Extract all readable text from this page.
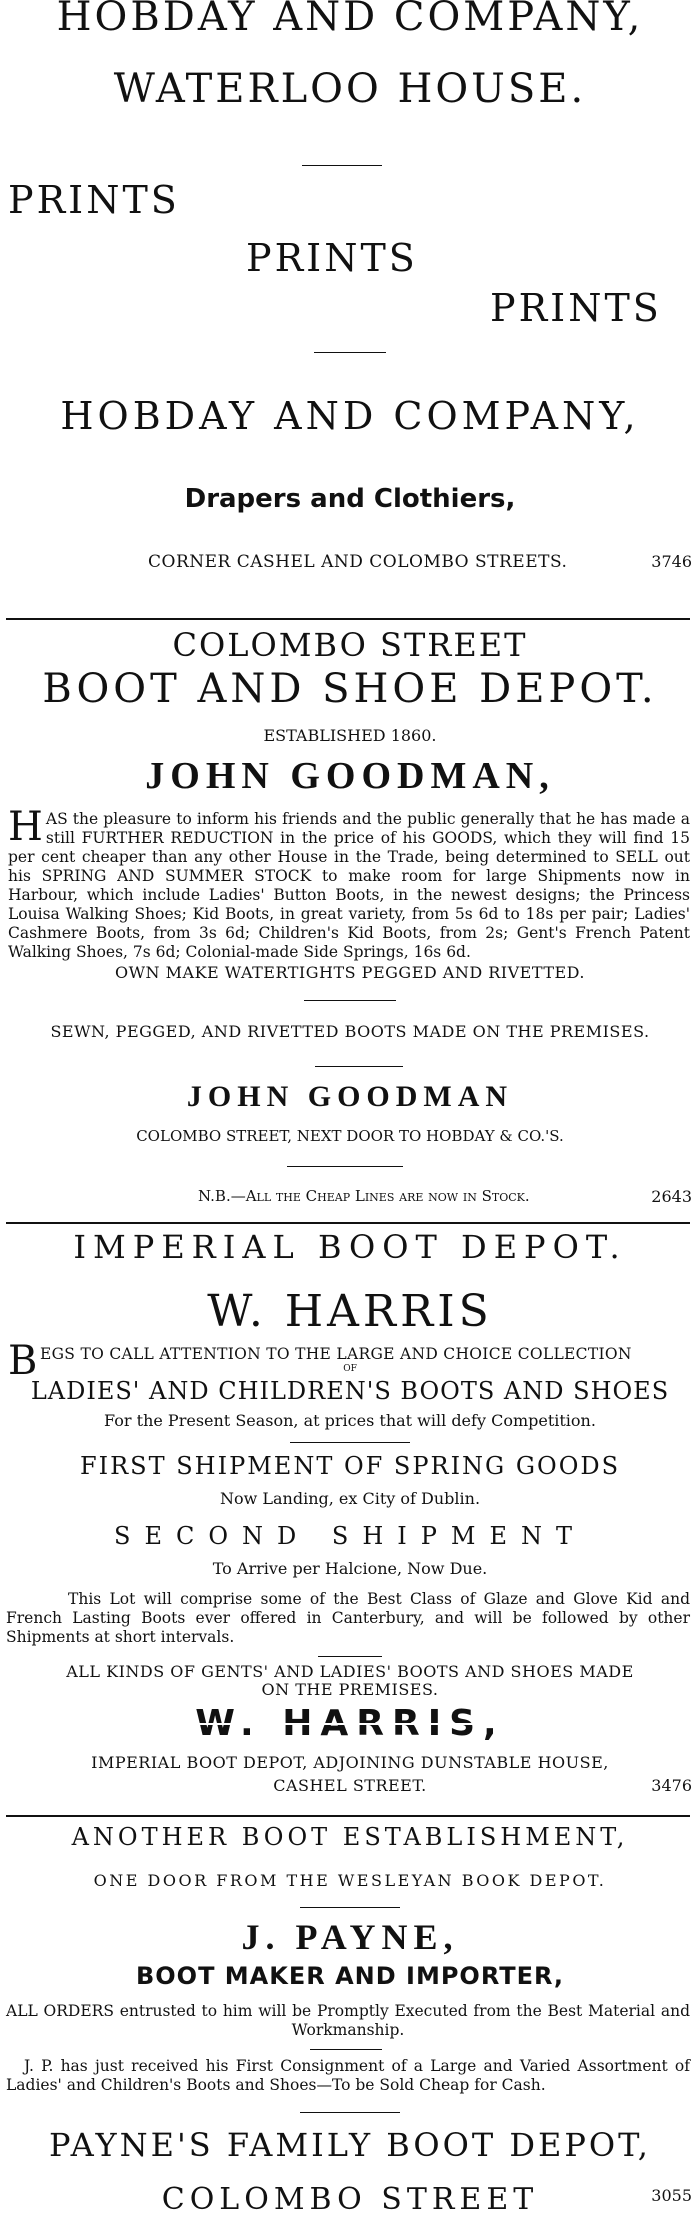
HOBDAY AND COMPANY,
WATERLOO HOUSE.
PRINTS
PRINTS
PRINTS
HOBDAY AND COMPANY,
Drapers and Clothiers,
CORNER CASHEL AND COLOMBO STREETS.	3746
COLOMBO STREET
BOOT AND SHOE DEPOT.
ESTABLISHED 1860.
JOHN GOODMAN,
HAS the pleasure to inform his friends and the public generally that he has made a still FURTHER REDUCTION in the price of his GOODS, which they will find 15 per cent cheaper than any other House in the Trade, being determined to SELL out his SPRING AND SUMMER STOCK to make room for large Shipments now in Harbour, which include Ladies' Button Boots, in the newest designs; the Princess Louisa Walking Shoes; Kid Boots, in great variety, from 5s 6d to 18s per pair; Ladies' Cashmere Boots, from 3s 6d; Children's Kid Boots, from 2s; Gent's French Patent Walking Shoes, 7s 6d; Colonial-made Side Springs, 16s 6d.
OWN MAKE WATERTIGHTS PEGGED AND RIVETTED.
SEWN, PEGGED, AND RIVETTED BOOTS MADE ON THE PREMISES.
JOHN GOODMAN
COLOMBO STREET, NEXT DOOR TO HOBDAY & CO.'S.
N.B.—All the Cheap Lines are now in Stock.	2643
IMPERIAL BOOT DEPOT.
W. HARRIS
B EGS TO CALL ATTENTION TO THE LARGE AND CHOICE COLLECTION
OF
LADIES' AND CHILDREN'S BOOTS AND SHOES
For the Present Season, at prices that will defy Competition.
FIRST SHIPMENT OF SPRING GOODS
Now Landing, ex City of Dublin.
SECOND SHIPMENT
To Arrive per Halcione, Now Due.
This Lot will comprise some of the Best Class of Glaze and Glove Kid and French Lasting Boots ever offered in Canterbury, and will be followed by other Shipments at short intervals.
ALL KINDS OF GENTS' AND LADIES' BOOTS AND SHOES MADE
ON THE PREMISES.
W. HARRIS,
IMPERIAL BOOT DEPOT, ADJOINING DUNSTABLE HOUSE,
CASHEL STREET.	3476
ANOTHER BOOT ESTABLISHMENT,
ONE DOOR FROM THE WESLEYAN BOOK DEPOT.
J. PAYNE,
BOOT MAKER AND IMPORTER,
ALL ORDERS entrusted to him will be Promptly Executed from the Best Material and Workmanship.
J. P. has just received his First Consignment of a Large and Varied Assortment of Ladies' and Children's Boots and Shoes—To be Sold Cheap for Cash.
PAYNE'S FAMILY BOOT DEPOT,
COLOMBO STREET	3055
